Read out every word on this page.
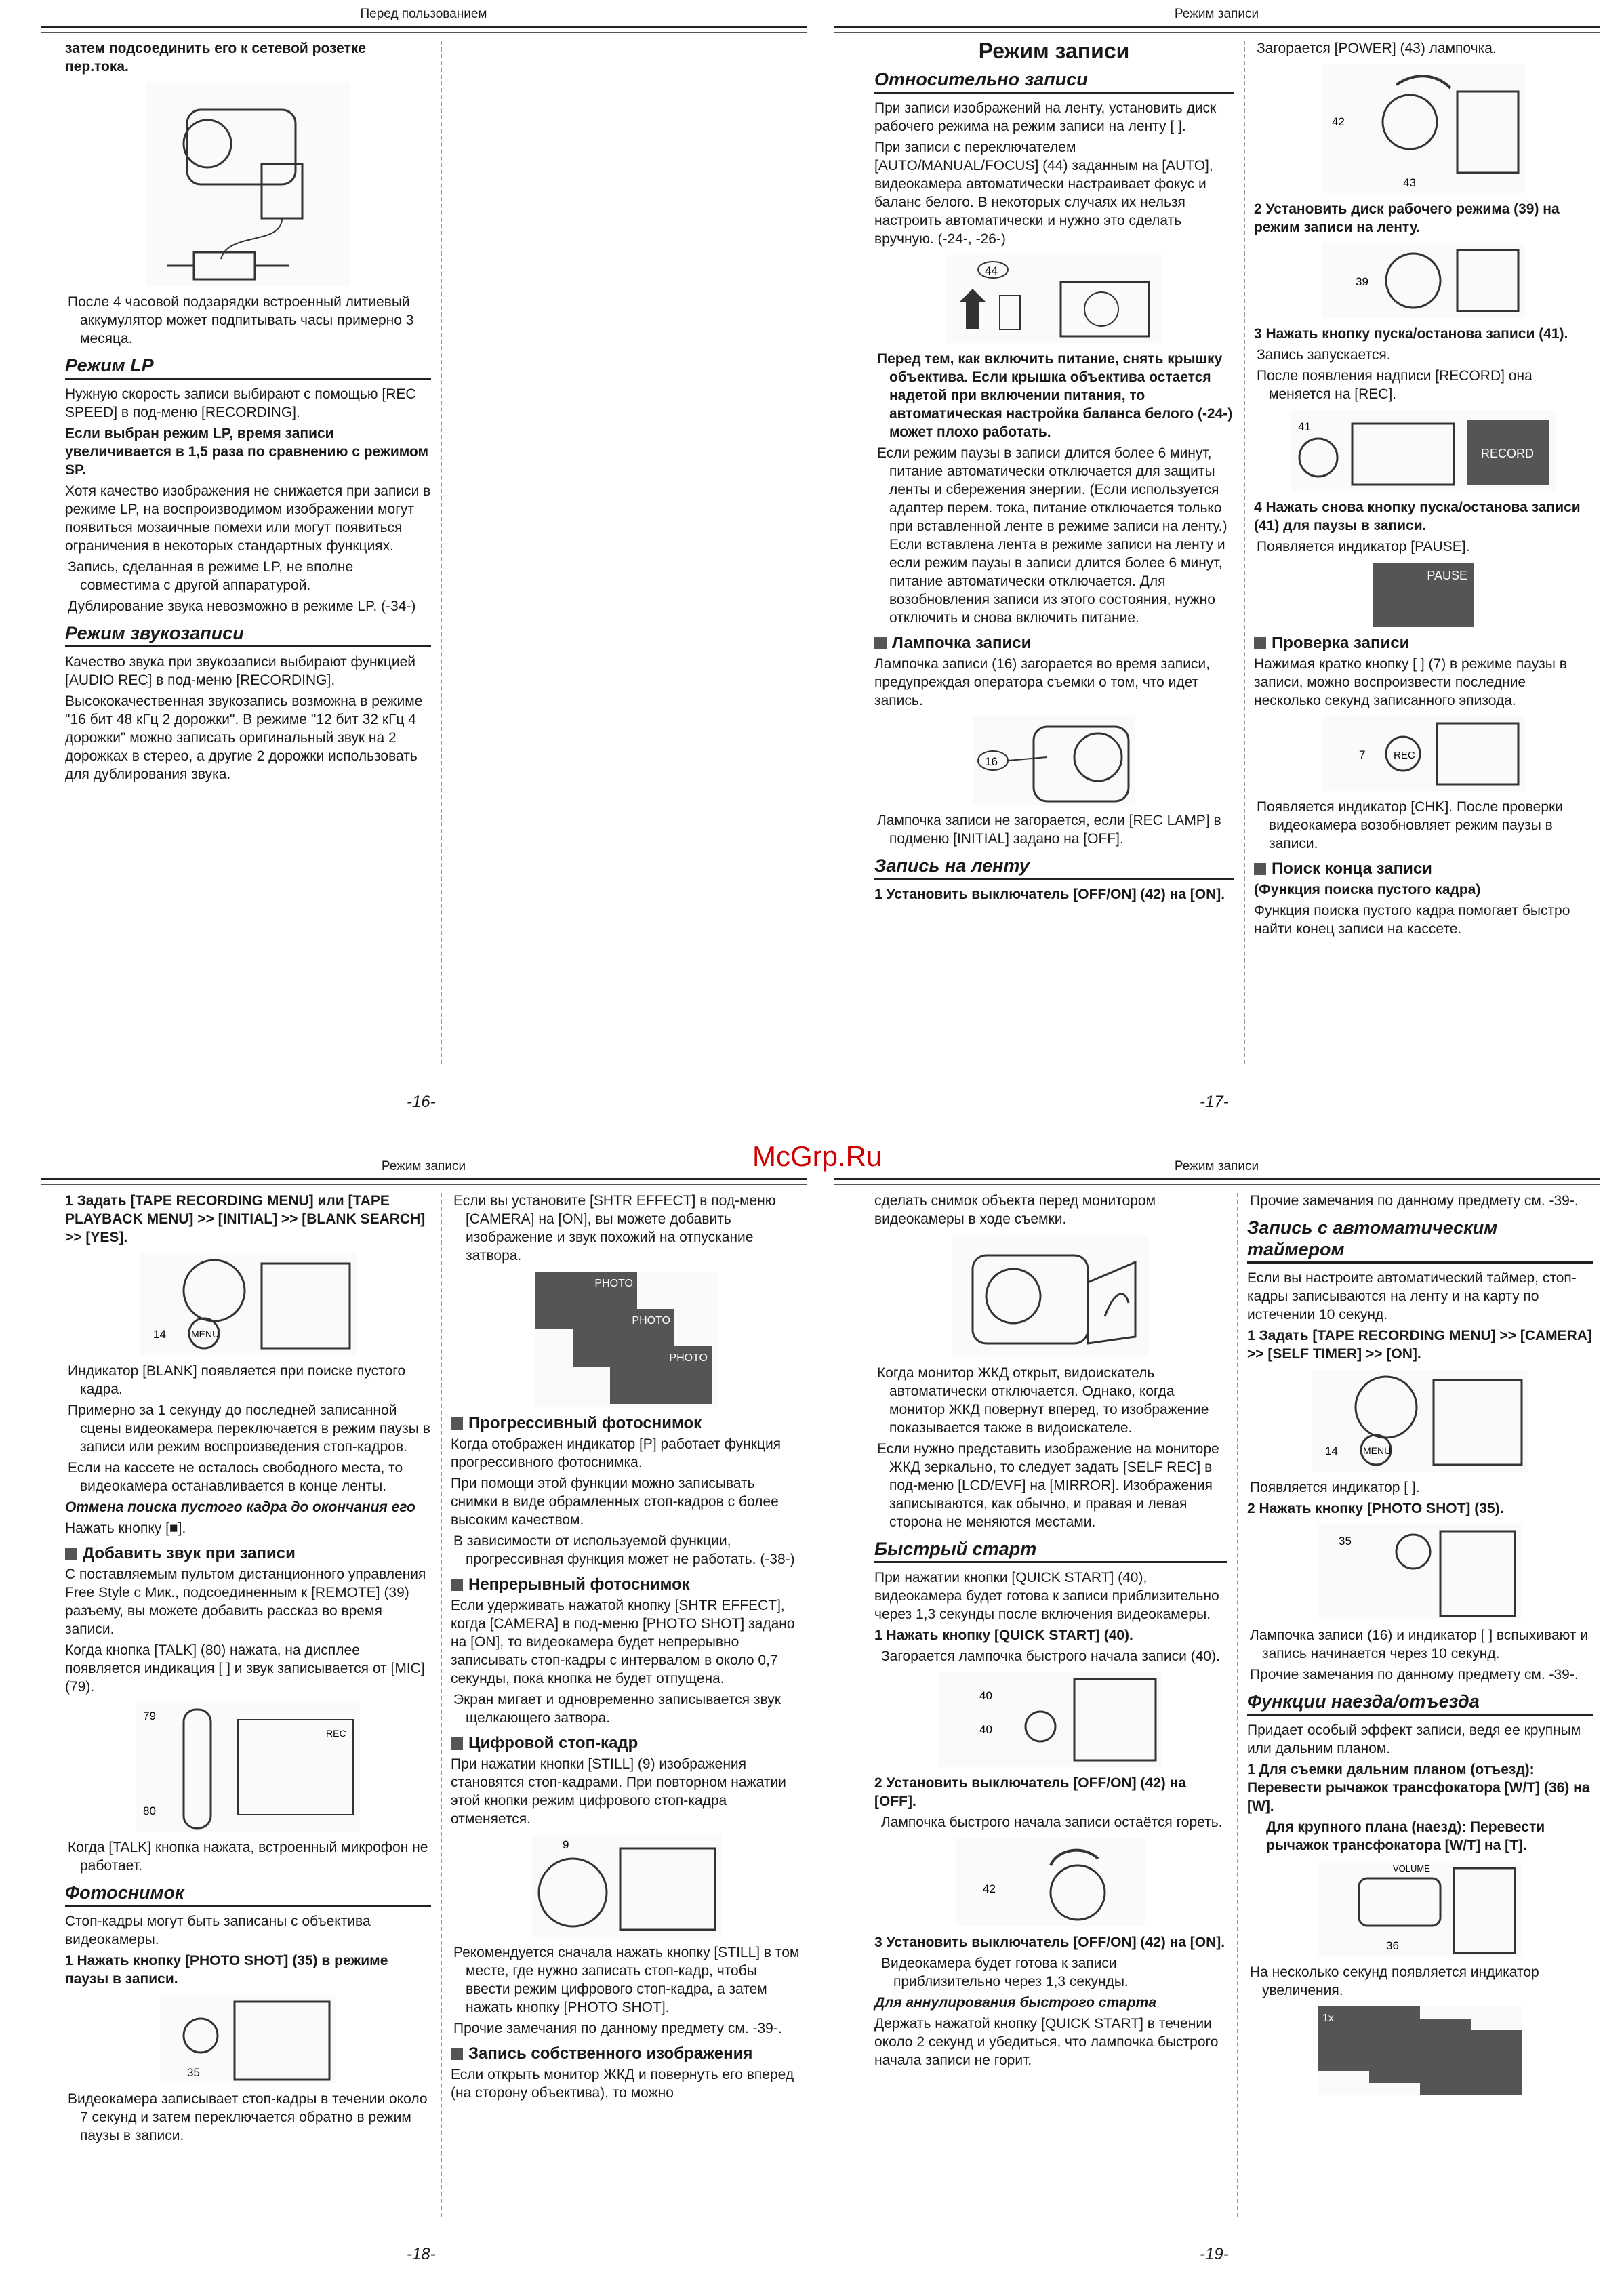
Перед пользованием

затем подсоединить его к сетевой розетке пер.тока.

После 4 часовой подзарядки встроенный литиевый аккумулятор может подпитывать часы примерно 3 месяца.

Режим LP

Нужную скорость записи выбирают с помощью [REC SPEED] в под-меню [RECORDING].

Если выбран режим LP, время записи увеличивается в 1,5 раза по сравнению с режимом SP.

Хотя качество изображения не снижается при записи в режиме LP, на воспроизводимом изображении могут появиться мозаичные помехи или могут появиться ограничения в некоторых стандартных функциях.

Запись, сделанная в режиме LP, не вполне совместима с другой аппаратурой.

Дублирование звука невозможно в режиме LP. (-34-)

Режим звукозаписи

Качество звука при звукозаписи выбирают функцией [AUDIO REC] в под-меню [RECORDING].

Высококачественная звукозапись возможна в режиме "16 бит 48 кГц 2 дорожки". В режиме "12 бит 32 кГц 4 дорожки" можно записать оригинальный звук на 2 дорожках в стерео, а другие 2 дорожки использовать для дублирования звука.

-16-
Режим записи
Режим записи
Относительно записи

При записи изображений на ленту, установить диск рабочего режима на режим записи на ленту [ ].

При записи с переключателем [AUTO/MANUAL/FOCUS] (44) заданным на [AUTO], видеокамера автоматически настраивает фокус и баланс белого. В некоторых случаях их нельзя настроить автоматически и нужно это сделать вручную. (-24-, -26-)

44

Перед тем, как включить питание, снять крышку объектива. Если крышка объектива остается надетой при включении питания, то автоматическая настройка баланса белого (-24-) может плохо работать.

Если режим паузы в записи длится более 6 минут, питание автоматически отключается для защиты ленты и сбережения энергии. (Если используется адаптер перем. тока, питание отключается только при вставленной ленте в режиме записи на ленту.) Если вставлена лента в режиме записи на ленту и если режим паузы в записи длится более 6 минут, питание автоматически отключается. Для возобновления записи из этого состояния, нужно отключить и снова включить питание.

Лампочка записи

Лампочка записи (16) загорается во время записи, предупреждая оператора съемки о том, что идет запись.

16

Лампочка записи не загорается, если [REC LAMP] в подменю [INITIAL] задано на [OFF].

Запись на ленту

1 Установить выключатель [OFF/ON] (42) на [ON].

Загорается [POWER] (43) лампочка.

42
43

2 Установить диск рабочего режима (39) на режим записи на ленту.

39

3 Нажать кнопку пуска/останова записи (41).

Запись запускается.

После появления надписи [RECORD] она меняется на [REC].

41
RECORD

4 Нажать снова кнопку пуска/останова записи (41) для паузы в записи.

Появляется индикатор [PAUSE].

PAUSE
Проверка записи

Нажимая кратко кнопку [ ] (7) в режиме паузы в записи, можно воспроизвести последние несколько секунд записанного эпизода.

7	REC

Появляется индикатор [CHK]. После проверки видеокамера возобновляет режим паузы в записи.

Поиск конца записи

(Функция поиска пустого кадра)

Функция поиска пустого кадра помогает быстро найти конец записи на кассете.

-17-
Режим записи

1 Задать [TAPE RECORDING MENU] или [TAPE PLAYBACK MENU] >> [INITIAL] >> [BLANK SEARCH] >> [YES].

14	MENU

Индикатор [BLANK] появляется при поиске пустого кадра.

Примерно за 1 секунду до последней записанной сцены видеокамера переключается в режим паузы в записи или режим воспроизведения стоп-кадров.

Если на кассете не осталось свободного места, то видеокамера останавливается в конце ленты.

Отмена поиска пустого кадра до окончания его

Нажать кнопку [■].

Добавить звук при записи

С поставляемым пультом дистанционного управления Free Style с Мик., подсоединенным к [REMOTE] (39) разъему, вы можете добавить рассказ во время записи.

Когда кнопка [TALK] (80) нажата, на дисплее появляется индикация [ ] и звук записывается от [MIC] (79).

79
80
REC

Когда [TALK] кнопка нажата, встроенный микрофон не работает.

Фотоснимок

Стоп-кадры могут быть записаны с объектива видеокамеры.

1 Нажать кнопку [PHOTO SHOT] (35) в режиме паузы в записи.

35

Видеокамера записывает стоп-кадры в течении около 7 секунд и затем переключается обратно в режим паузы в записи.

Если вы установите [SHTR EFFECT] в под-меню [CAMERA] на [ON], вы можете добавить изображение и звук похожий на отпускание затвора.

PHOTO
PHOTO
PHOTO
Прогрессивный фотоснимок

Когда отображен индикатор [P] работает функция прогрессивного фотоснимка.

При помощи этой функции можно записывать снимки в виде обрамленных стоп-кадров с более высоким качеством.

В зависимости от используемой функции, прогрессивная функция может не работать. (-38-)

Непрерывный фотоснимок

Если удерживать нажатой кнопку [SHTR EFFECT], когда [CAMERA] в под-меню [PHOTO SHOT] задано на [ON], то видеокамера будет непрерывно записывать стоп-кадры с интервалом в около 0,7 секунды, пока кнопка не будет отпущена.

Экран мигает и одновременно записывается звук щелкающего затвора.

Цифровой стоп-кадр

При нажатии кнопки [STILL] (9) изображения становятся стоп-кадрами. При повторном нажатии этой кнопки режим цифрового стоп-кадра отменяется.

9

Рекомендуется сначала нажать кнопку [STILL] в том месте, где нужно записать стоп-кадр, чтобы ввести режим цифрового стоп-кадра, а затем нажать кнопку [PHOTO SHOT].

Прочие замечания по данному предмету см. -39-.

Запись собственного изображения

Если открыть монитор ЖКД и повернуть его вперед (на сторону объектива), то можно

-18-
Режим записи

сделать снимок объекта перед монитором видеокамеры в ходе съемки.

Когда монитор ЖКД открыт, видоискатель автоматически отключается. Однако, когда монитор ЖКД повернут вперед, то изображение показывается также в видоискателе.

Если нужно представить изображение на мониторе ЖКД зеркально, то следует задать [SELF REC] в под-меню [LCD/EVF] на [MIRROR]. Изображения записываются, как обычно, и правая и левая сторона не меняются местами.

Быстрый старт

При нажатии кнопки [QUICK START] (40), видеокамера будет готова к записи приблизительно через 1,3 секунды после включения видеокамеры.

1 Нажать кнопку [QUICK START] (40).

Загорается лампочка быстрого начала записи (40).

40
40

2 Установить выключатель [OFF/ON] (42) на [OFF].

Лампочка быстрого начала записи остаётся гореть.

42

3 Установить выключатель [OFF/ON] (42) на [ON].

Видеокамера будет готова к записи приблизительно через 1,3 секунды.

Для аннулирования быстрого старта

Держать нажатой кнопку [QUICK START] в течении около 2 секунд и убедиться, что лампочка быстрого начала записи не горит.

Прочие замечания по данному предмету см. -39-.

Запись с автоматическим таймером

Если вы настроите автоматический таймер, стоп-кадры записываются на ленту и на карту по истечении 10 секунд.

1 Задать [TAPE RECORDING MENU] >> [CAMERA] >> [SELF TIMER] >> [ON].

14	MENU

Появляется индикатор [ ].

2 Нажать кнопку [PHOTO SHOT] (35).

35

Лампочка записи (16) и индикатор [ ] вспыхивают и запись начинается через 10 секунд.

Прочие замечания по данному предмету см. -39-.

Функции наезда/отъезда

Придает особый эффект записи, ведя ее крупным или дальним планом.

1 Для съемки дальним планом (отъезд): Перевести рычажок трансфокатора [W/T] (36) на [W].

Для крупного плана (наезд): Перевести рычажок трансфокатора [W/T] на [T].

VOLUME
36

На несколько секунд появляется индикатор увеличения.

1x
-19-
McGrp.Ru
